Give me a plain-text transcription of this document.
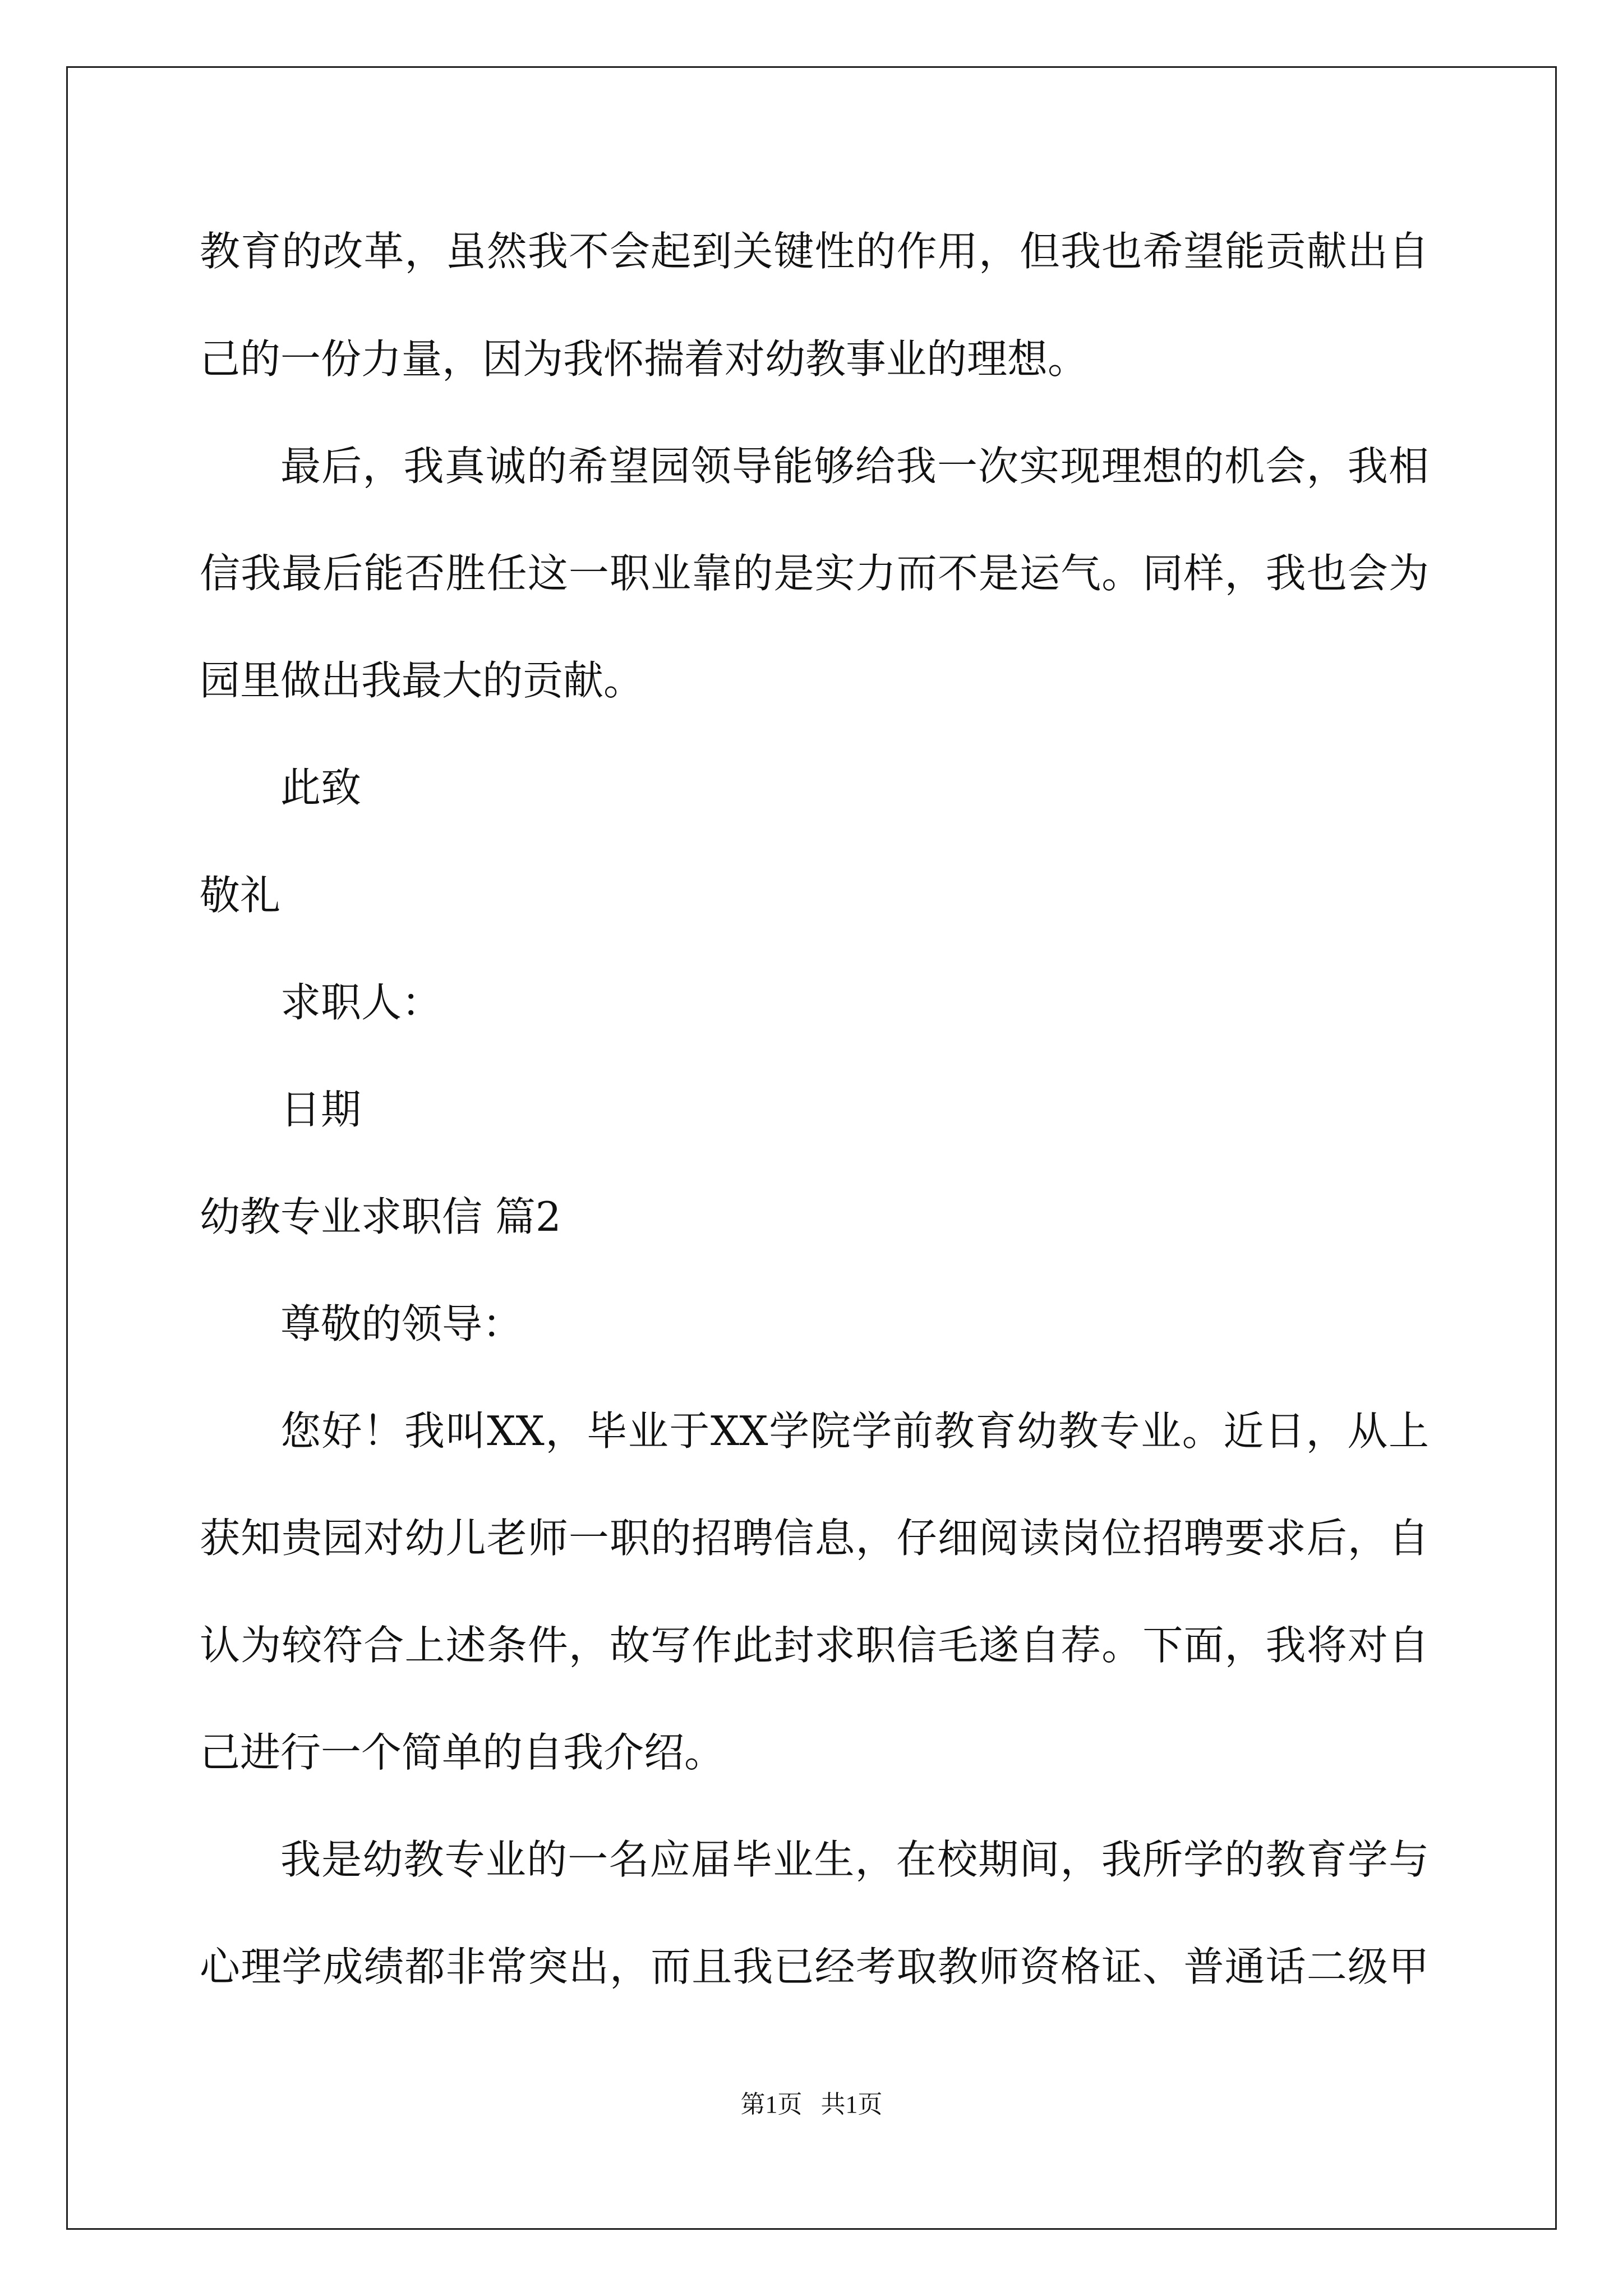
教育的改革，虽然我不会起到关键性的作用，但我也希望能贡献出自
己的一份力量，因为我怀揣着对幼教事业的理想。
最后，我真诚的希望园领导能够给我一次实现理想的机会，我相
信我最后能否胜任这一职业靠的是实力而不是运气。同样，我也会为
园里做出我最大的贡献。
此致
敬礼
求职人：
日期
幼教专业求职信 篇2
尊敬的领导：
您好！我叫XX，毕业于XX学院学前教育幼教专业。近日，从上
获知贵园对幼儿老师一职的招聘信息，仔细阅读岗位招聘要求后，自
认为较符合上述条件，故写作此封求职信毛遂自荐。下面，我将对自
己进行一个简单的自我介绍。
我是幼教专业的一名应届毕业生，在校期间，我所学的教育学与
心理学成绩都非常突出，而且我已经考取教师资格证、普通话二级甲
第1页   共1页
